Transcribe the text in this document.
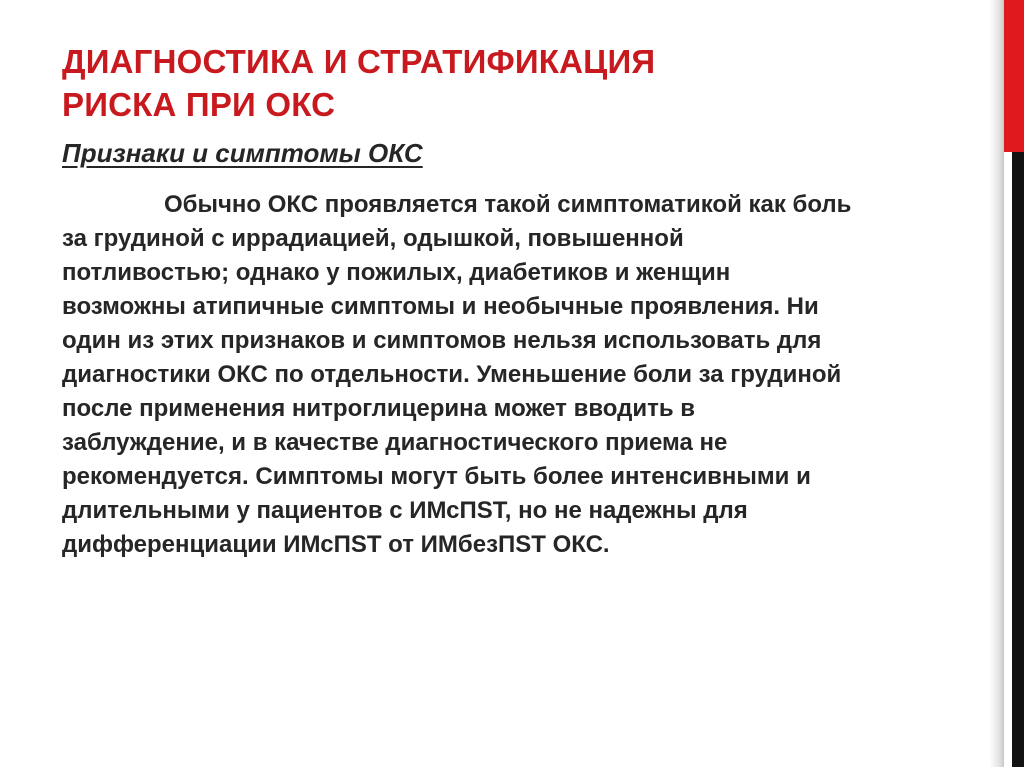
ДИАГНОСТИКА И СТРАТИФИКАЦИЯ
РИСКА ПРИ ОКС
Признаки и симптомы ОКС
Обычно ОКС проявляется такой симптоматикой как боль
за грудиной с иррадиацией, одышкой, повышенной
потливостью; однако у пожилых, диабетиков и женщин
возможны атипичные симптомы и необычные проявления. Ни
один из этих признаков и симптомов нельзя использовать для
диагностики ОКС по отдельности. Уменьшение боли за грудиной
после применения нитроглицерина может вводить в
заблуждение, и в качестве диагностического приема не
рекомендуется. Симптомы могут быть более интенсивными и
длительными у пациентов с ИМсПST, но не надежны для
дифференциации ИМсПST от ИМбезПST ОКС.
